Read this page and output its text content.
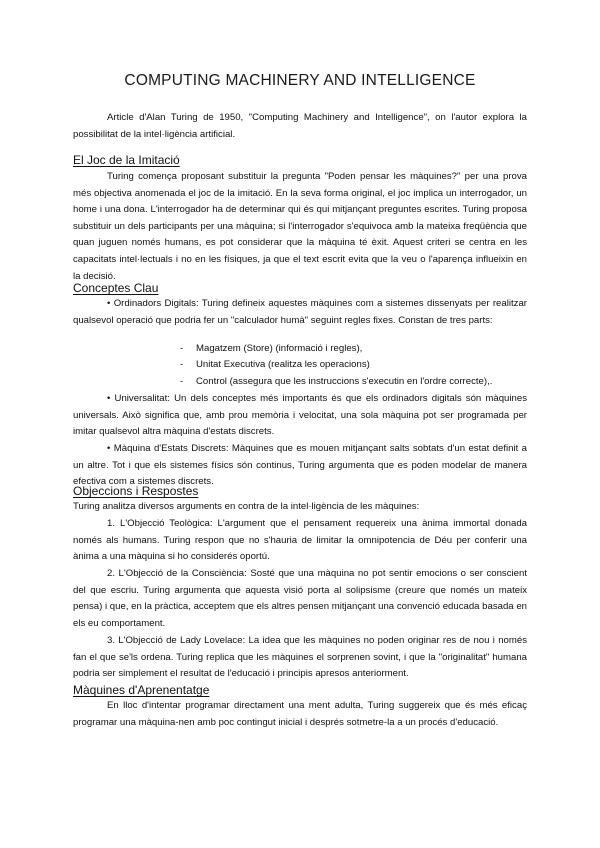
COMPUTING MACHINERY AND INTELLIGENCE

Article d'Alan Turing de 1950, "Computing Machinery and Intelligence", on l'autor explora la possibilitat de la intel·ligència artificial.

El Joc de la Imitació

Turing comença proposant substituir la pregunta "Poden pensar les màquines?" per una prova més objectiva anomenada el joc de la imitació. En la seva forma original, el joc implica un interrogador, un home i una dona. L'interrogador ha de determinar qui és qui mitjançant preguntes escrites. Turing proposa substituir un dels participants per una màquina; si l'interrogador s'equivoca amb la mateixa freqüència que quan juguen només humans, es pot considerar que la màquina té èxit. Aquest criteri se centra en les capacitats intel·lectuals i no en les físiques, ja que el text escrit evita que la veu o l'aparença influeixin en la decisió.

Conceptes Clau

• Ordinadors Digitals: Turing defineix aquestes màquines com a sistemes dissenyats per realitzar qualsevol operació que podria fer un "calculador humà" seguint regles fixes. Constan de tres parts:

- Magatzem (Store) (informació i regles),
- Unitat Executiva (realitza les operacions)
- Control (assegura que les instruccions s'executin en l'ordre correcte),.

• Universalitat: Un dels conceptes més importants és que els ordinadors digitals són màquines universals. Això significa que, amb prou memòria i velocitat, una sola màquina pot ser programada per imitar qualsevol altra màquina d'estats discrets.

• Màquina d'Estats Discrets: Màquines que es mouen mitjançant salts sobtats d'un estat definit a un altre. Tot i que els sistemes físics són continus, Turing argumenta que es poden modelar de manera efectiva com a sistemes discrets.

Objeccions i Respostes

Turing analitza diversos arguments en contra de la intel·ligència de les màquines:

1. L'Objecció Teològica: L'argument que el pensament requereix una ànima immortal donada només als humans. Turing respon que no s'hauria de limitar la omnipotencia de Déu per conferir una ànima a una màquina si ho considerés oportú.

2. L'Objecció de la Consciència: Sosté que una màquina no pot sentir emocions o ser conscient del que escriu. Turing argumenta que aquesta visió porta al solipsisme (creure que només un mateix pensa) i que, en la pràctica, acceptem que els altres pensen mitjançant una convenció educada basada en els eu comportament.

3. L'Objecció de Lady Lovelace: La idea que les màquines no poden originar res de nou i només fan el que se'ls ordena. Turing replica que les màquines el sorprenen sovint, i que la "originalitat" humana podria ser simplement el resultat de l'educació i principis apresos anteriorment.

Màquines d'Aprenentatge

En lloc d'intentar programar directament una ment adulta, Turing suggereix que és més eficaç programar una màquina-nen amb poc contingut inicial i després sotmetre-la a un procés d'educació.
